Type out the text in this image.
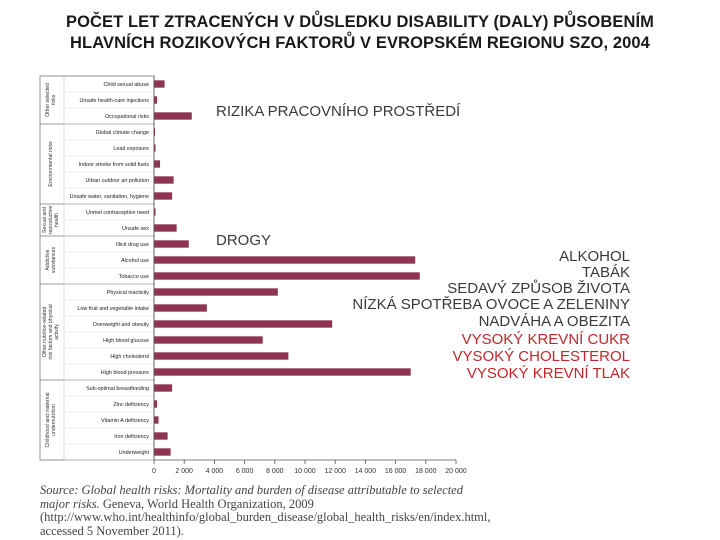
POČET LET ZTRACENÝCH V DŮSLEDKU DISABILITY (DALY) PŮSOBENÍM
HLAVNÍCH ROZIKOVÝCH FAKTORŮ V EVROPSKÉM REGIONU SZO, 2004
0	2 000 4 000 6 000 8 000 10 000 12 000 14 000 16 000 18 000 20 000
Other selectedrisks
Environmental risks
Sexual andreproductivehealth
Addictivesubstances
Other nutrition-relatedrisk factors and physicalactivity
Childhood and maternalundernutrition
Child sexual abuse
Unsafe health-care injections
Occupational risks
Global climate change
Lead exposure
Indoor smoke from solid fuels
Urban outdoor air pollution
Unsafe water, sanitation, hygiene
Unmet contraceptive need
Unsafe sex
Illicit drug use
Alcohol use
Tobacco use
Physical inactivity
Low fruit and vegetable intake
Overweight and obesity
High blood glucose
High cholesterol
High blood pressure
Sub-optimal breastfeeding
Zinc deficiency
Vitamin A deficiency
Iron deficiency
Underweight
RIZIKA PRACOVNÍHO PROSTŘEDÍ
DROGY
ALKOHOL
TABÁK
SEDAVÝ ZPŮSOB ŽIVOTA
NÍZKÁ SPOTŘEBA OVOCE A ZELENINY
NADVÁHA A OBEZITA
VYSOKÝ KREVNÍ CUKR
VYSOKÝ CHOLESTEROL
VYSOKÝ KREVNÍ TLAK
Source: Global health risks: Mortality and burden of disease attributable to selected major risks. Geneva, World Health Organization, 2009 (http://www.who.int/healthinfo/global_burden_disease/global_health_risks/en/index.html, accessed 5 November 2011).
